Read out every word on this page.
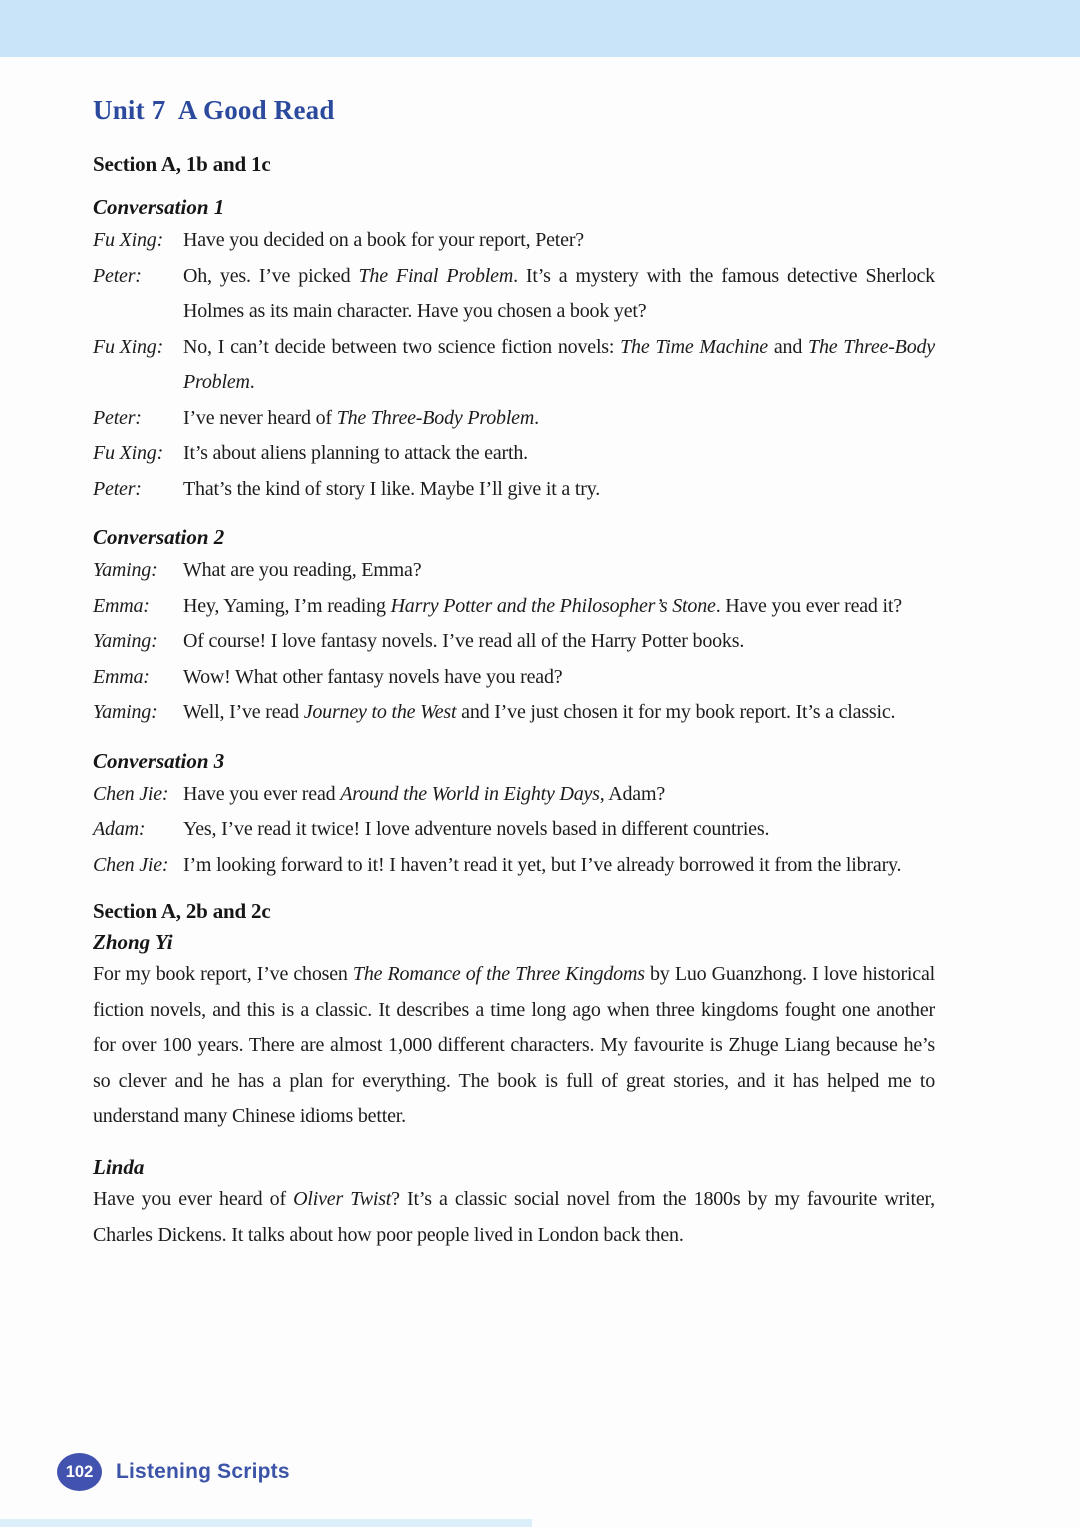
Unit 7  A Good Read
Section A, 1b and 1c
Conversation 1
Fu Xing: Have you decided on a book for your report, Peter?
Peter:	Oh, yes. I’ve picked The Final Problem. It’s a mystery with the famous detective Sherlock Holmes as its main character. Have you chosen a book yet?
Fu Xing: No, I can’t decide between two science fiction novels: The Time Machine and The Three-Body Problem.
Peter:	I’ve never heard of The Three-Body Problem.
Fu Xing: It’s about aliens planning to attack the earth.
Peter:	That’s the kind of story I like. Maybe I’ll give it a try.
Conversation 2
Yaming:	What are you reading, Emma?
Emma:	Hey, Yaming, I’m reading Harry Potter and the Philosopher’s Stone. Have you ever read it?
Yaming:	Of course! I love fantasy novels. I’ve read all of the Harry Potter books.
Emma:	Wow! What other fantasy novels have you read?
Yaming:	Well, I’ve read Journey to the West and I’ve just chosen it for my book report. It’s a classic.
Conversation 3
Chen Jie: Have you ever read Around the World in Eighty Days, Adam?
Adam:	Yes, I’ve read it twice! I love adventure novels based in different countries.
Chen Jie: I’m looking forward to it! I haven’t read it yet, but I’ve already borrowed it from the library.
Section A, 2b and 2c
Zhong Yi

For my book report, I’ve chosen The Romance of the Three Kingdoms by Luo Guanzhong. I love historical fiction novels, and this is a classic. It describes a time long ago when three kingdoms fought one another for over 100 years. There are almost 1,000 different characters. My favourite is Zhuge Liang because he’s so clever and he has a plan for everything. The book is full of great stories, and it has helped me to understand many Chinese idioms better.

Linda

Have you ever heard of Oliver Twist? It’s a classic social novel from the 1800s by my favourite writer, Charles Dickens. It talks about how poor people lived in London back then.

102	Listening Scripts
